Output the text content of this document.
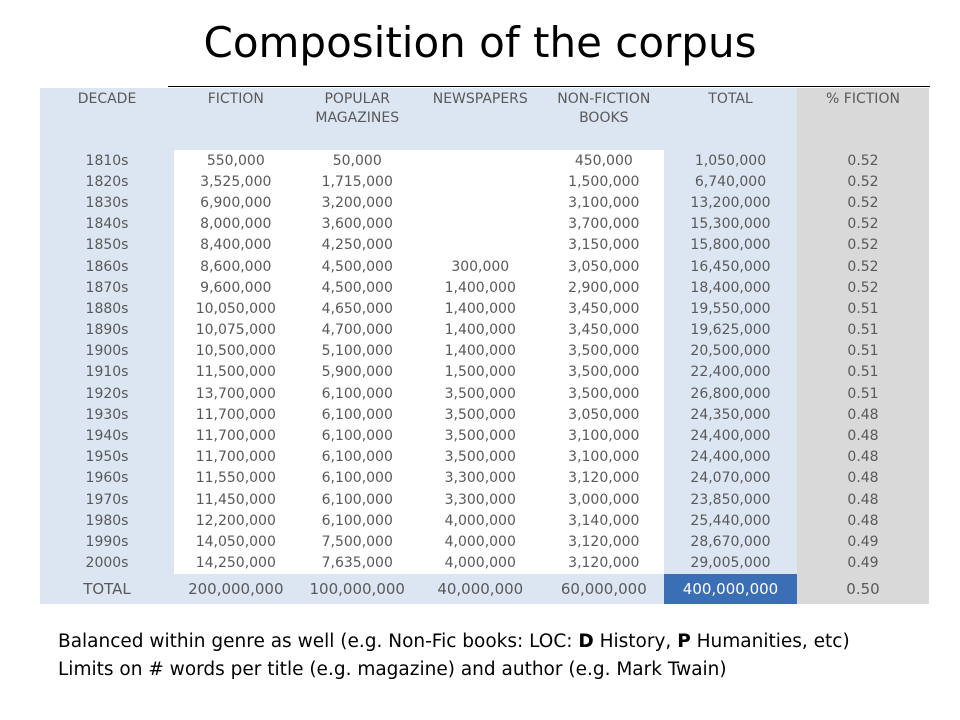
Composition of the corpus
DECADE	FICTION	POPULAR MAGAZINES	NEWSPAPERS	NON-FICTION BOOKS	TOTAL	% FICTION
1810s	550,000	50,000		450,000	1,050,000	0.52
1820s	3,525,000	1,715,000		1,500,000	6,740,000	0.52
1830s	6,900,000	3,200,000		3,100,000	13,200,000	0.52
1840s	8,000,000	3,600,000		3,700,000	15,300,000	0.52
1850s	8,400,000	4,250,000		3,150,000	15,800,000	0.52
1860s	8,600,000	4,500,000	300,000	3,050,000	16,450,000	0.52
1870s	9,600,000	4,500,000	1,400,000	2,900,000	18,400,000	0.52
1880s	10,050,000	4,650,000	1,400,000	3,450,000	19,550,000	0.51
1890s	10,075,000	4,700,000	1,400,000	3,450,000	19,625,000	0.51
1900s	10,500,000	5,100,000	1,400,000	3,500,000	20,500,000	0.51
1910s	11,500,000	5,900,000	1,500,000	3,500,000	22,400,000	0.51
1920s	13,700,000	6,100,000	3,500,000	3,500,000	26,800,000	0.51
1930s	11,700,000	6,100,000	3,500,000	3,050,000	24,350,000	0.48
1940s	11,700,000	6,100,000	3,500,000	3,100,000	24,400,000	0.48
1950s	11,700,000	6,100,000	3,500,000	3,100,000	24,400,000	0.48
1960s	11,550,000	6,100,000	3,300,000	3,120,000	24,070,000	0.48
1970s	11,450,000	6,100,000	3,300,000	3,000,000	23,850,000	0.48
1980s	12,200,000	6,100,000	4,000,000	3,140,000	25,440,000	0.48
1990s	14,050,000	7,500,000	4,000,000	3,120,000	28,670,000	0.49
2000s	14,250,000	7,635,000	4,000,000	3,120,000	29,005,000	0.49
TOTAL	200,000,000	100,000,000	40,000,000	60,000,000	400,000,000	0.50
Balanced within genre as well (e.g. Non-Fic books: LOC: D History, P Humanities, etc)
Limits on # words per title (e.g. magazine) and author (e.g. Mark Twain)
